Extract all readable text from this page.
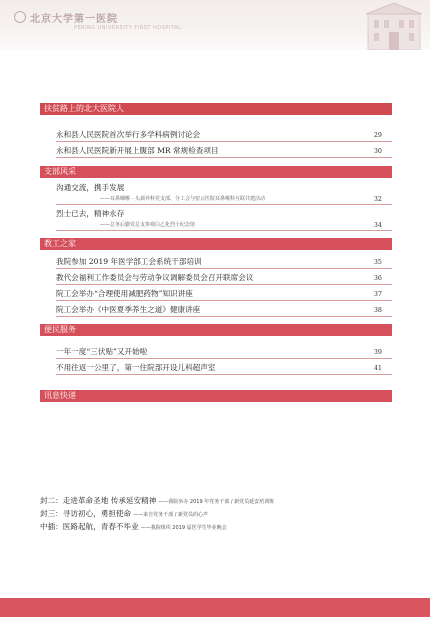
北京大学第一医院
PEKING UNIVERSITY FIRST HOSPITAL
扶贫路上的北大医院人
永和县人民医院首次举行多学科病例讨论会	29
永和县人民医院新开展上腹部 MR 常规检查项目	30
支部风采
沟通交流，携手发展
——耳鼻咽喉 - 头颈外科党支部、分工会与密云医院耳鼻喉科互联共建活动	32
烈士已去，精神永存
——总务后勤党总支参观白乙化烈士纪念馆	34
教工之家
我院参加 2019 年医学部工会系统干部培训	35
教代会福利工作委员会与劳动争议调解委员会召开联席会议	36
院工会举办“合理使用减肥药物”知识讲座	37
院工会举办《中医夏季养生之道》健康讲座	38
便民服务
一年一度“三伏贴”又开始啦	39
不用往返一公里了，第一住院部开设儿科超声室	41
讯息快递
封二： 走进革命圣地 传承延安精神 ——我院举办 2019 年党务干部 / 新党员延安培训班
封三： 寻访初心，勇担使命 ——来自党务干部 / 新党员的心声
中插： 医路起航，青春不毕业 ——我院组织 2019 届医学生毕业晚会
